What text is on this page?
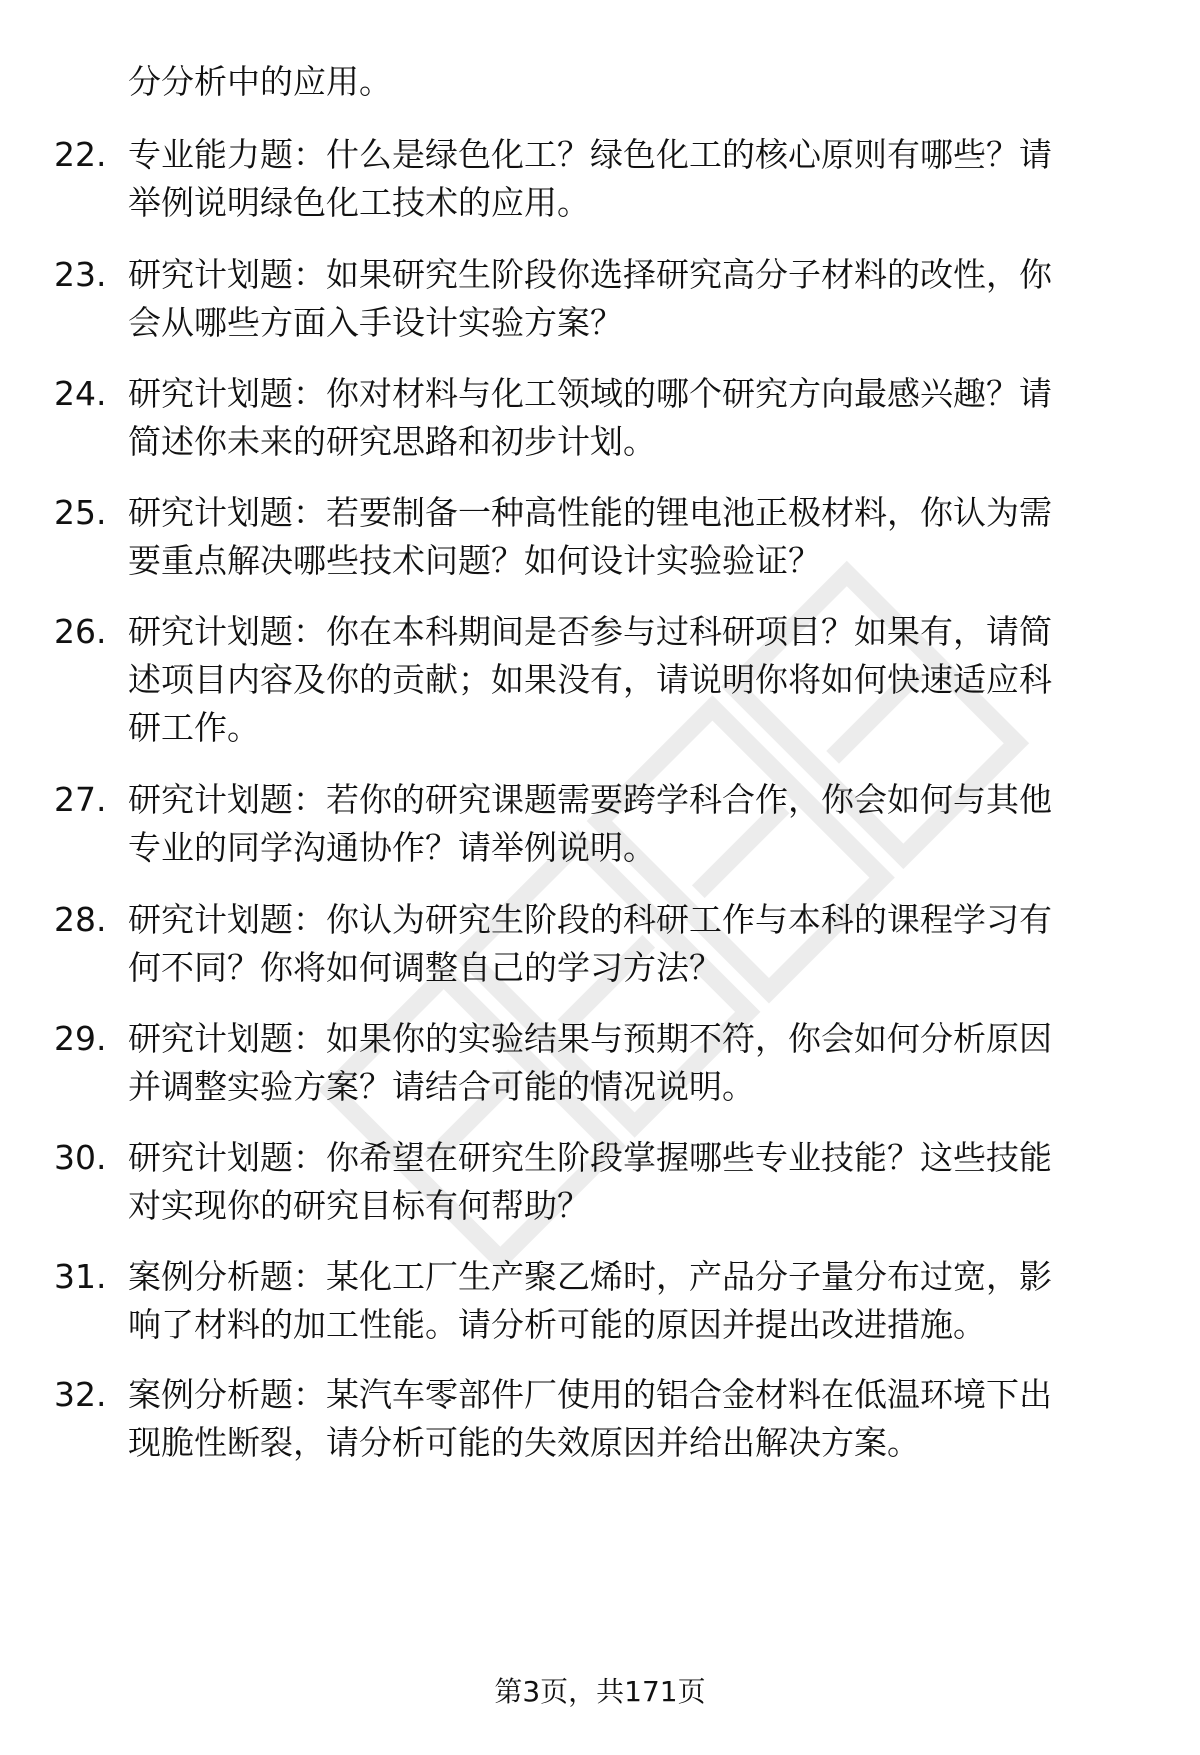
分分析中的应用。
22. 专业能力题：什么是绿色化工？绿色化工的核心原则有哪些？请
举例说明绿色化工技术的应用。
23. 研究计划题：如果研究生阶段你选择研究高分子材料的改性，你
会从哪些方面入手设计实验方案？
24. 研究计划题：你对材料与化工领域的哪个研究方向最感兴趣？请
简述你未来的研究思路和初步计划。
25. 研究计划题：若要制备一种高性能的锂电池正极材料，你认为需
要重点解决哪些技术问题？如何设计实验验证？
26. 研究计划题：你在本科期间是否参与过科研项目？如果有，请简
述项目内容及你的贡献；如果没有，请说明你将如何快速适应科
研工作。
27. 研究计划题：若你的研究课题需要跨学科合作，你会如何与其他
专业的同学沟通协作？请举例说明。
28. 研究计划题：你认为研究生阶段的科研工作与本科的课程学习有
何不同？你将如何调整自己的学习方法？
29. 研究计划题：如果你的实验结果与预期不符，你会如何分析原因
并调整实验方案？请结合可能的情况说明。
30. 研究计划题：你希望在研究生阶段掌握哪些专业技能？这些技能
对实现你的研究目标有何帮助？
31. 案例分析题：某化工厂生产聚乙烯时，产品分子量分布过宽，影
响了材料的加工性能。请分析可能的原因并提出改进措施。
32. 案例分析题：某汽车零部件厂使用的铝合金材料在低温环境下出
现脆性断裂，请分析可能的失效原因并给出解决方案。
第3页，共171页
